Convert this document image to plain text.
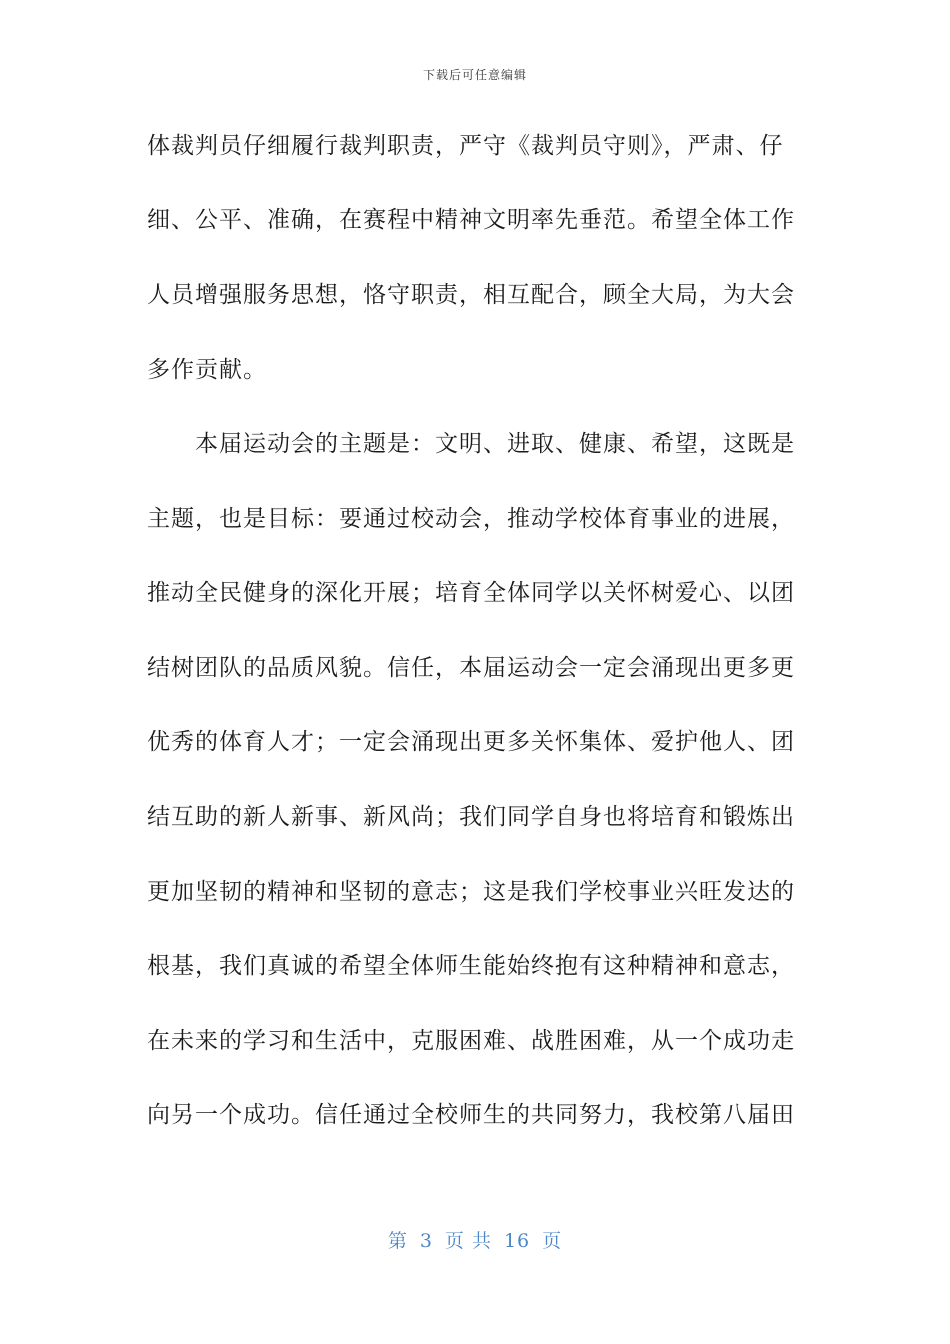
下载后可任意编辑
体裁判员仔细履行裁判职责，严守《裁判员守则》，严肃、仔
细、公平、准确，在赛程中精神文明率先垂范。希望全体工作
人员增强服务思想，恪守职责，相互配合，顾全大局，为大会
多作贡献。
　　本届运动会的主题是：文明、进取、健康、希望，这既是
主题，也是目标：要通过校动会，推动学校体育事业的进展，
推动全民健身的深化开展；培育全体同学以关怀树爱心、以团
结树团队的品质风貌。信任，本届运动会一定会涌现出更多更
优秀的体育人才；一定会涌现出更多关怀集体、爱护他人、团
结互助的新人新事、新风尚；我们同学自身也将培育和锻炼出
更加坚韧的精神和坚韧的意志；这是我们学校事业兴旺发达的
根基，我们真诚的希望全体师生能始终抱有这种精神和意志，
在未来的学习和生活中，克服困难、战胜困难，从一个成功走
向另一个成功。信任通过全校师生的共同努力，我校第八届田
第 3 页 共 16 页
